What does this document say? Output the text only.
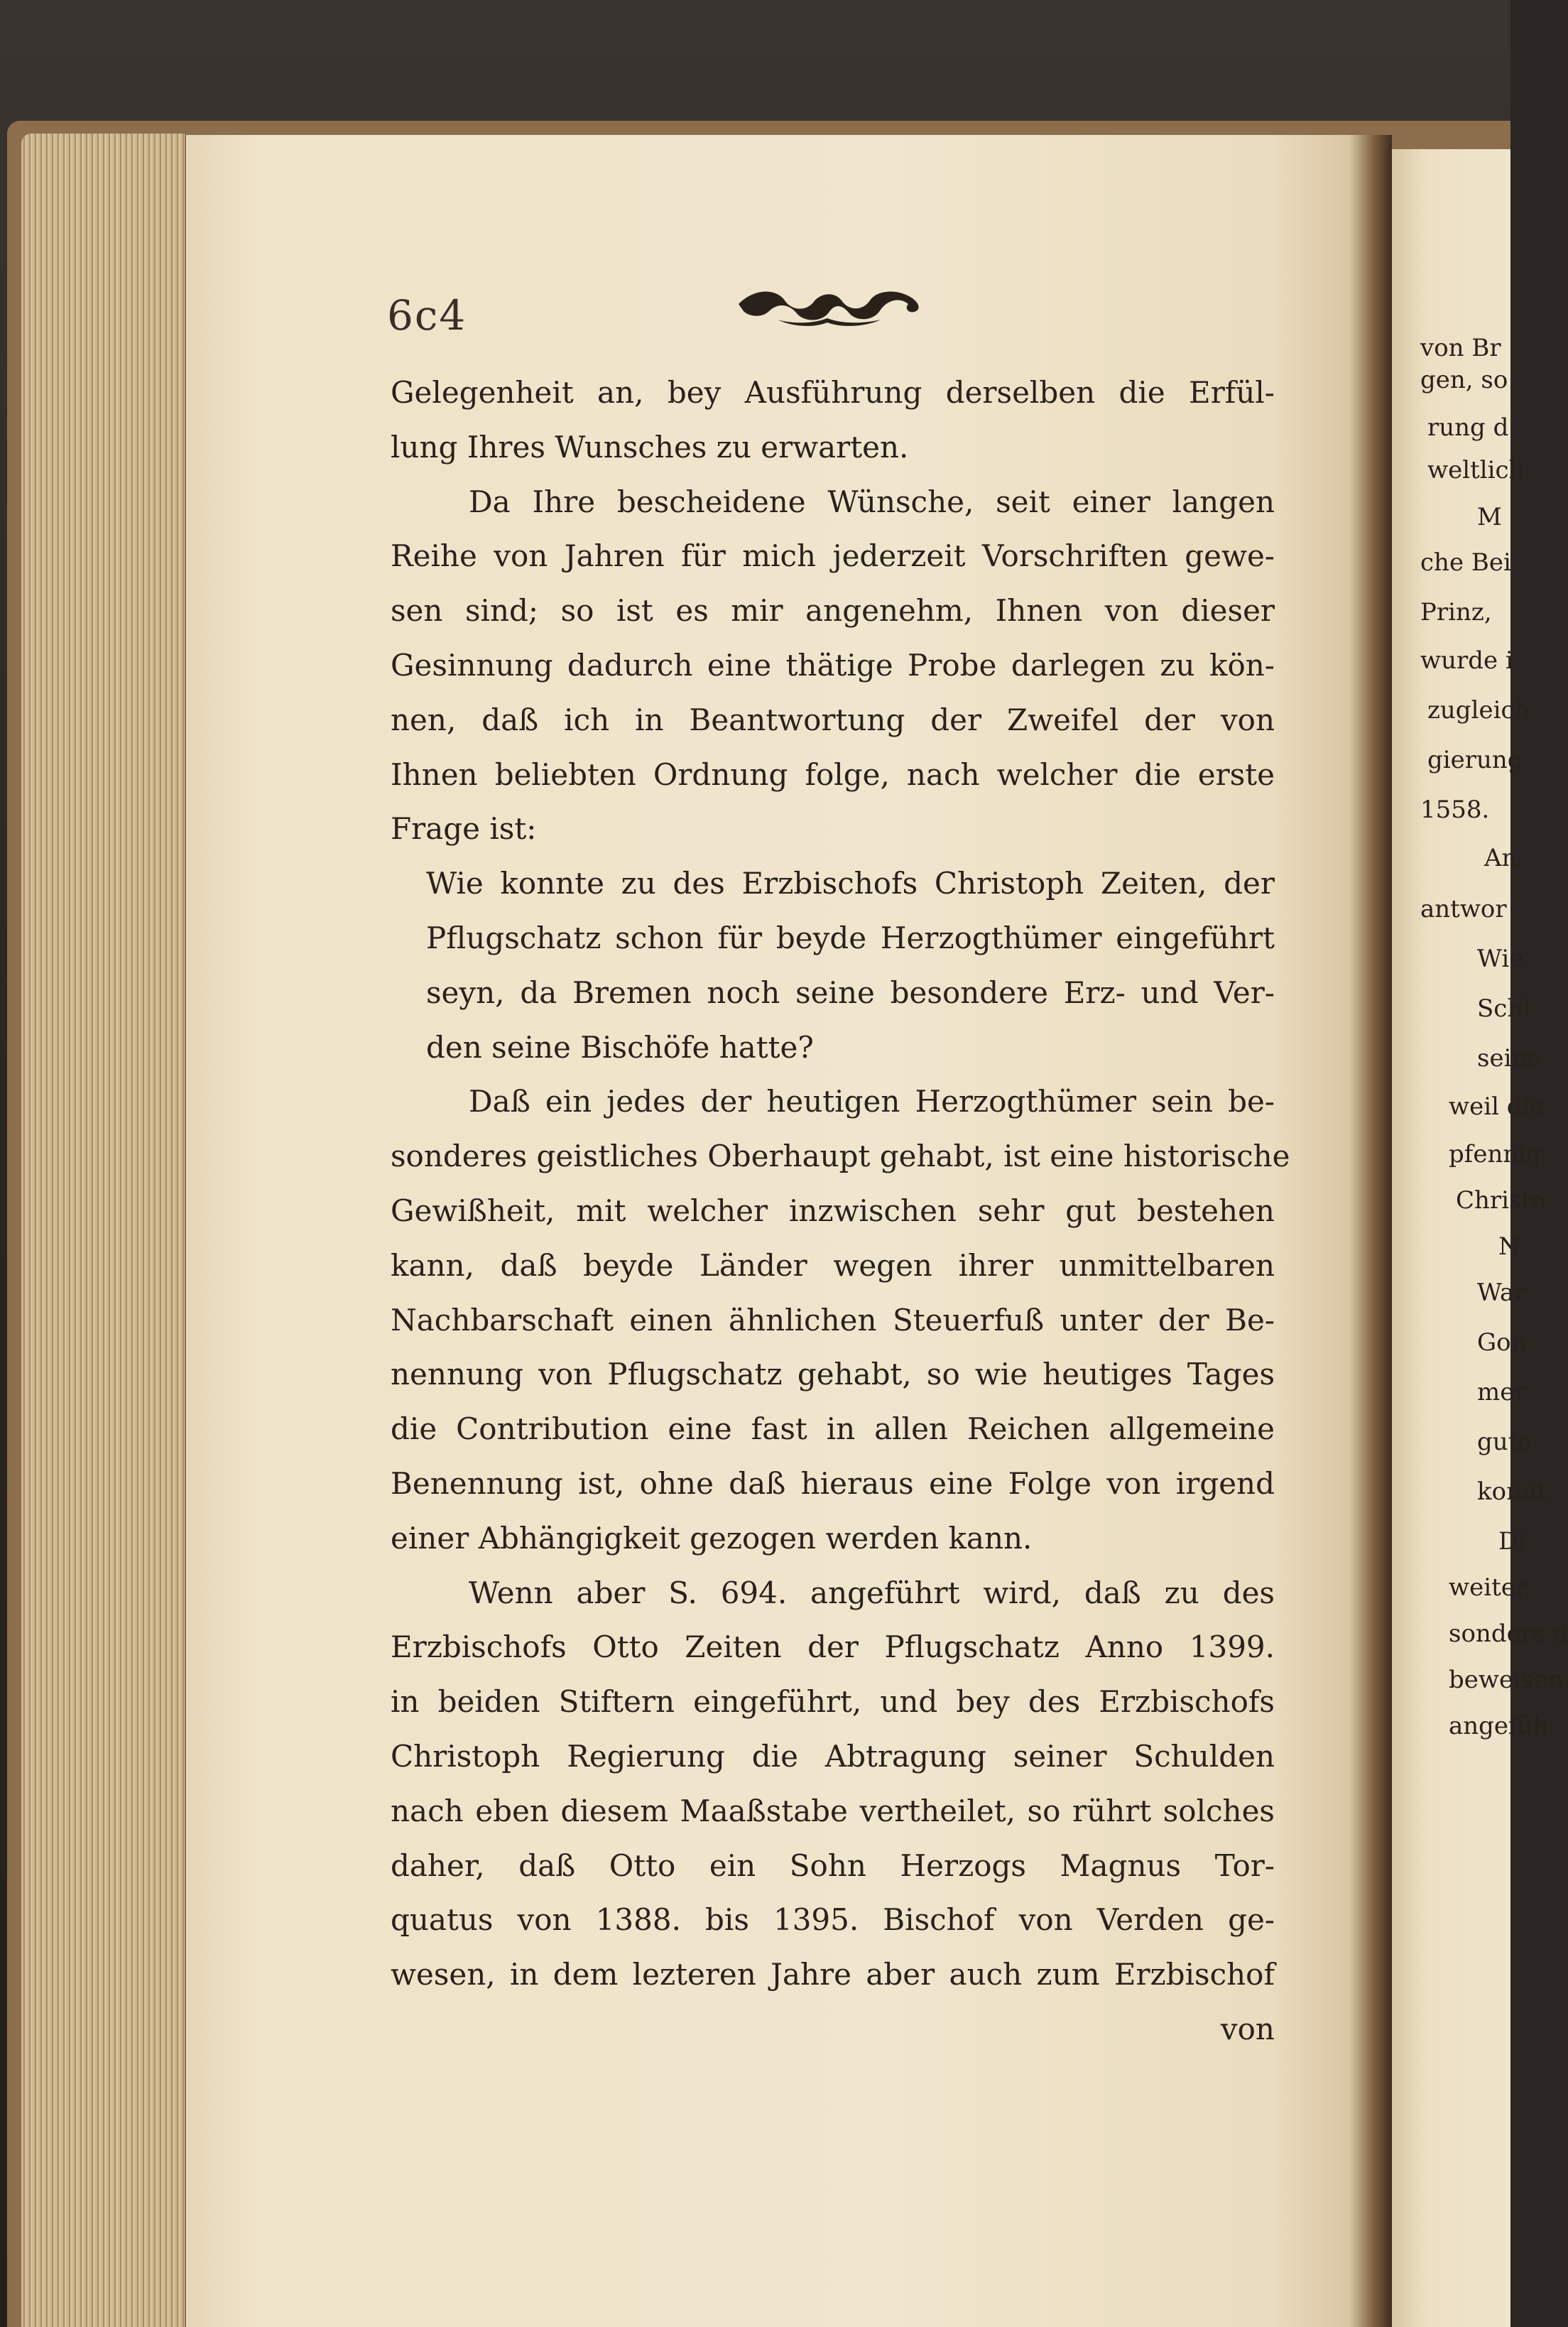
6c4
Gelegenheit an, bey Ausführung derselben die Erfül-
lung Ihres Wunsches zu erwarten.
Da Ihre bescheidene Wünsche, seit einer langen
Reihe von Jahren für mich jederzeit Vorschriften gewe-
sen sind; so ist es mir angenehm, Ihnen von dieser
Gesinnung dadurch eine thätige Probe darlegen zu kön-
nen, daß ich in Beantwortung der Zweifel der von
Ihnen beliebten Ordnung folge, nach welcher die erste
Frage ist:
Wie konnte zu des Erzbischofs Christoph Zeiten, der
Pflugschatz schon für beyde Herzogthümer eingeführt
seyn, da Bremen noch seine besondere Erz- und Ver-
den seine Bischöfe hatte?
Daß ein jedes der heutigen Herzogthümer sein be-
sonderes geistliches Oberhaupt gehabt, ist eine historische
Gewißheit, mit welcher inzwischen sehr gut bestehen
kann, daß beyde Länder wegen ihrer unmittelbaren
Nachbarschaft einen ähnlichen Steuerfuß unter der Be-
nennung von Pflugschatz gehabt, so wie heutiges Tages
die Contribution eine fast in allen Reichen allgemeine
Benennung ist, ohne daß hieraus eine Folge von irgend
einer Abhängigkeit gezogen werden kann.
Wenn aber S. 694. angeführt wird, daß zu des
Erzbischofs Otto Zeiten der Pflugschatz Anno 1399.
in beiden Stiftern eingeführt, und bey des Erzbischofs
Christoph Regierung die Abtragung seiner Schulden
nach eben diesem Maaßstabe vertheilet, so rührt solches
daher, daß Otto ein Sohn Herzogs Magnus Tor-
quatus von 1388. bis 1395. Bischof von Verden ge-
wesen, in dem lezteren Jahre aber auch zum Erzbischof
von
von Br
gen, so
rung d
weltlich
M
che Bei
Prinz,
wurde i
zugleich
gierung
1558.
An
antwor
Wie
Schl
seine
weil die
pfennig
Christo
N
War
Gon
mer
gute
konnt
Di
weiter,
sonders d
beweisen
angefüh
